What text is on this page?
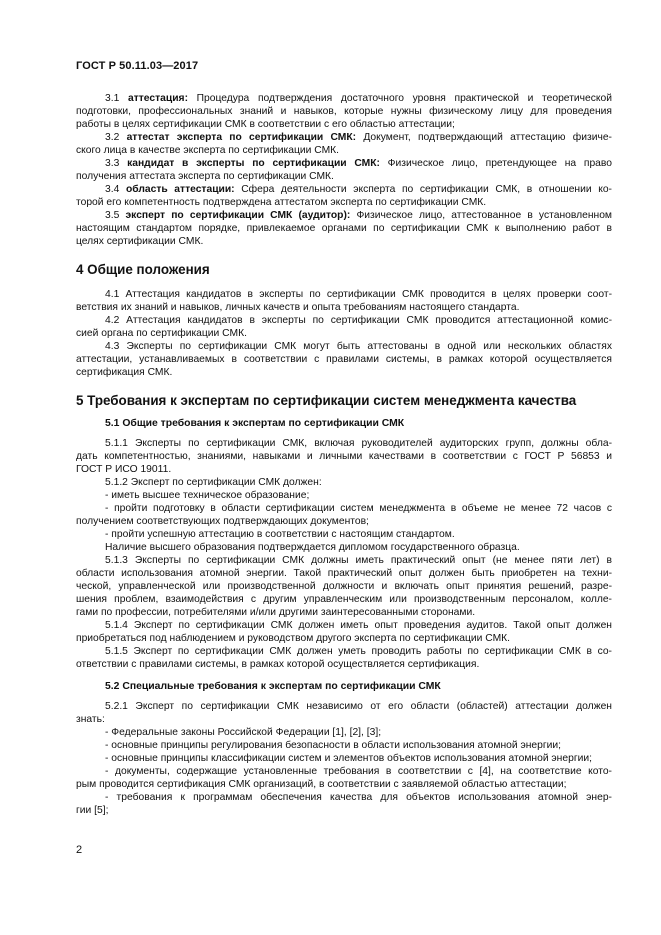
ГОСТ Р 50.11.03—2017
3.1 аттестация: Процедура подтверждения достаточного уровня практической и теоретической
подготовки, профессиональных знаний и навыков, которые нужны физическому лицу для проведения
работы в целях сертификации СМК в соответствии с его областью аттестации;
3.2 аттестат эксперта по сертификации СМК: Документ, подтверждающий аттестацию физиче-
ского лица в качестве эксперта по сертификации СМК.
3.3 кандидат в эксперты по сертификации СМК: Физическое лицо, претендующее на право
получения аттестата эксперта по сертификации СМК.
3.4 область аттестации: Сфера деятельности эксперта по сертификации СМК, в отношении ко-
торой его компетентность подтверждена аттестатом эксперта по сертификации СМК.
3.5 эксперт по сертификации СМК (аудитор): Физическое лицо, аттестованное в установленном
настоящим стандартом порядке, привлекаемое органами по сертификации СМК к выполнению работ в
целях сертификации СМК.
4 Общие положения
4.1 Аттестация кандидатов в эксперты по сертификации СМК проводится в целях проверки соот-
ветствия их знаний и навыков, личных качеств и опыта требованиям настоящего стандарта.
4.2 Аттестация кандидатов в эксперты по сертификации СМК проводится аттестационной комис-
сией органа по сертификации СМК.
4.3 Эксперты по сертификации СМК могут быть аттестованы в одной или нескольких областях
аттестации, устанавливаемых в соответствии с правилами системы, в рамках которой осуществляется
сертификация СМК.
5 Требования к экспертам по сертификации систем менеджмента качества
5.1 Общие требования к экспертам по сертификации СМК
5.1.1 Эксперты по сертификации СМК, включая руководителей аудиторских групп, должны обла-
дать компетентностью, знаниями, навыками и личными качествами в соответствии с ГОСТ Р 56853 и
ГОСТ Р ИСО 19011.
5.1.2 Эксперт по сертификации СМК должен:
- иметь высшее техническое образование;
- пройти подготовку в области сертификации систем менеджмента в объеме не менее 72 часов с
получением соответствующих подтверждающих документов;
- пройти успешную аттестацию в соответствии с настоящим стандартом.
Наличие высшего образования подтверждается дипломом государственного образца.
5.1.3 Эксперты по сертификации СМК должны иметь практический опыт (не менее пяти лет) в
области использования атомной энергии. Такой практический опыт должен быть приобретен на техни-
ческой, управленческой или производственной должности и включать опыт принятия решений, разре-
шения проблем, взаимодействия с другим управленческим или производственным персоналом, колле-
гами по профессии, потребителями и/или другими заинтересованными сторонами.
5.1.4 Эксперт по сертификации СМК должен иметь опыт проведения аудитов. Такой опыт должен
приобретаться под наблюдением и руководством другого эксперта по сертификации СМК.
5.1.5 Эксперт по сертификации СМК должен уметь проводить работы по сертификации СМК в со-
ответствии с правилами системы, в рамках которой осуществляется сертификация.
5.2 Специальные требования к экспертам по сертификации СМК
5.2.1 Эксперт по сертификации СМК независимо от его области (областей) аттестации должен
знать:
- Федеральные законы Российской Федерации [1], [2], [3];
- основные принципы регулирования безопасности в области использования атомной энергии;
- основные принципы классификации систем и элементов объектов использования атомной энергии;
- документы, содержащие установленные требования в соответствии с [4], на соответствие кото-
рым проводится сертификация СМК организаций, в соответствии с заявляемой областью аттестации;
- требования к программам обеспечения качества для объектов использования атомной энер-
гии [5];
2
